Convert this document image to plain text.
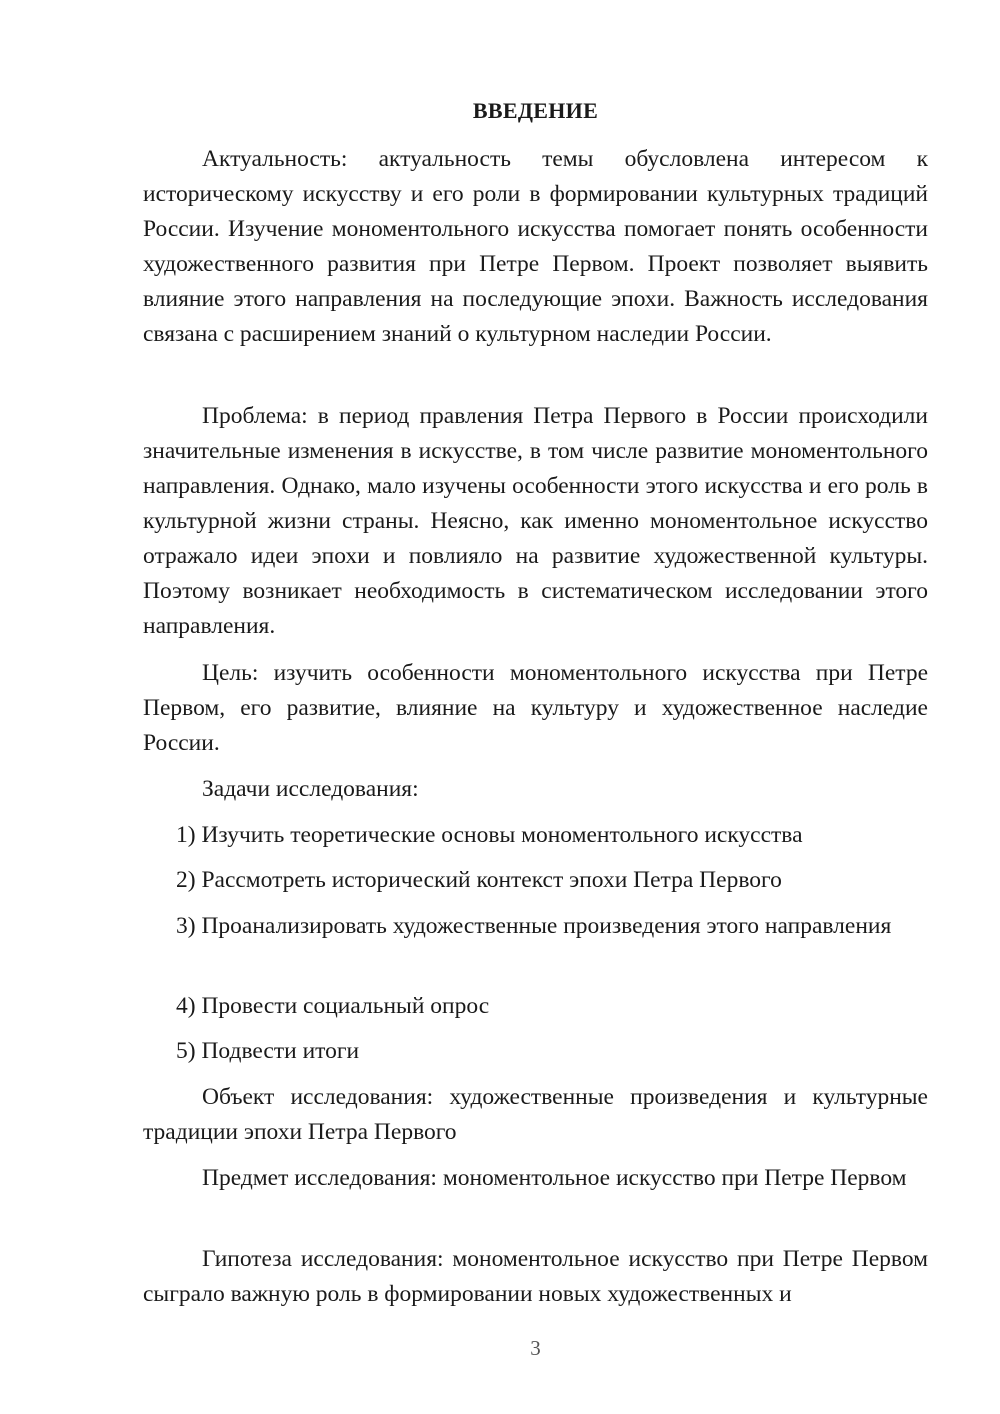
ВВЕДЕНИЕ

Актуальность: актуальность темы обусловлена интересом к историческому искусству и его роли в формировании культурных традиций России. Изучение мономентольного искусства помогает понять особенности художественного развития при Петре Первом. Проект позволяет выявить влияние этого направления на последующие эпохи. Важность исследования связана с расширением знаний о культурном наследии России.

Проблема: в период правления Петра Первого в России происходили значительные изменения в искусстве, в том числе развитие мономентольного направления. Однако, мало изучены особенности этого искусства и его роль в культурной жизни страны. Неясно, как именно мономентольное искусство отражало идеи эпохи и повлияло на развитие художественной культуры. Поэтому возникает необходимость в систематическом исследовании этого направления.

Цель: изучить особенности мономентольного искусства при Петре Первом, его развитие, влияние на культуру и художественное наследие России.

Задачи исследования:

1) Изучить теоретические основы мономентольного искусства

2) Рассмотреть исторический контекст эпохи Петра Первого

3) Проанализировать художественные произведения этого направления

4) Провести социальный опрос

5) Подвести итоги

Объект исследования: художественные произведения и культурные традиции эпохи Петра Первого

Предмет исследования: мономентольное искусство при Петре Первом

Гипотеза исследования: мономентольное искусство при Петре Первом сыграло важную роль в формировании новых художественных и

3
